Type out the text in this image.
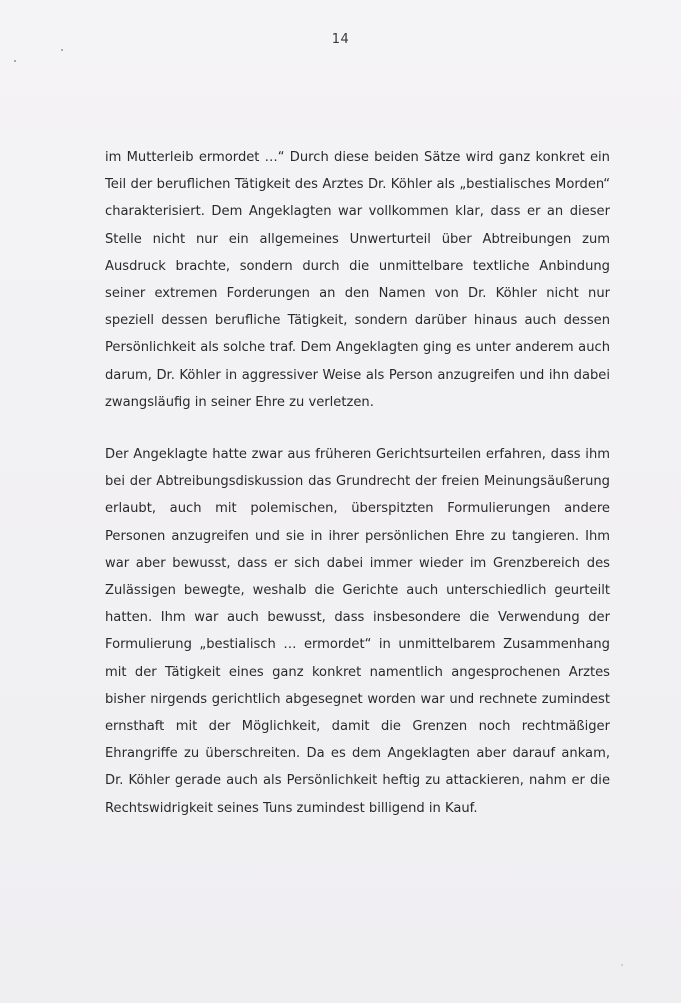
14

im Mutterleib ermordet …“ Durch diese beiden Sätze wird ganz konkret ein Teil der beruflichen Tätigkeit des Arztes Dr. Köhler als „bestialisches Morden“ charakterisiert. Dem Angeklagten war vollkommen klar, dass er an dieser Stelle nicht nur ein allgemeines Unwerturteil über Abtreibungen zum Ausdruck brachte, sondern durch die unmittelbare textliche Anbindung seiner extremen Forderungen an den Namen von Dr. Köhler nicht nur speziell dessen berufliche Tätigkeit, sondern darüber hinaus auch dessen Persönlichkeit als solche traf. Dem Angeklagten ging es unter anderem auch darum, Dr. Köhler in aggressiver Weise als Person anzugreifen und ihn dabei zwangsläufig in seiner Ehre zu verletzen.

Der Angeklagte hatte zwar aus früheren Gerichtsurteilen erfahren, dass ihm bei der Abtreibungsdiskussion das Grundrecht der freien Meinungsäußerung erlaubt, auch mit polemischen, überspitzten Formulierungen andere Personen anzugreifen und sie in ihrer persönlichen Ehre zu tangieren. Ihm war aber bewusst, dass er sich dabei immer wieder im Grenzbereich des Zulässigen bewegte, weshalb die Gerichte auch unterschiedlich geurteilt hatten. Ihm war auch bewusst, dass insbesondere die Verwendung der Formulierung „bestialisch … ermordet“ in unmittelbarem Zusammenhang mit der Tätigkeit eines ganz konkret namentlich angesprochenen Arztes bisher nirgends gerichtlich abgesegnet worden war und rechnete zumindest ernsthaft mit der Möglichkeit, damit die Grenzen noch rechtmäßiger Ehrangriffe zu überschreiten. Da es dem Angeklagten aber darauf ankam, Dr. Köhler gerade auch als Persönlichkeit heftig zu attackieren, nahm er die Rechtswidrigkeit seines Tuns zumindest billigend in Kauf.
